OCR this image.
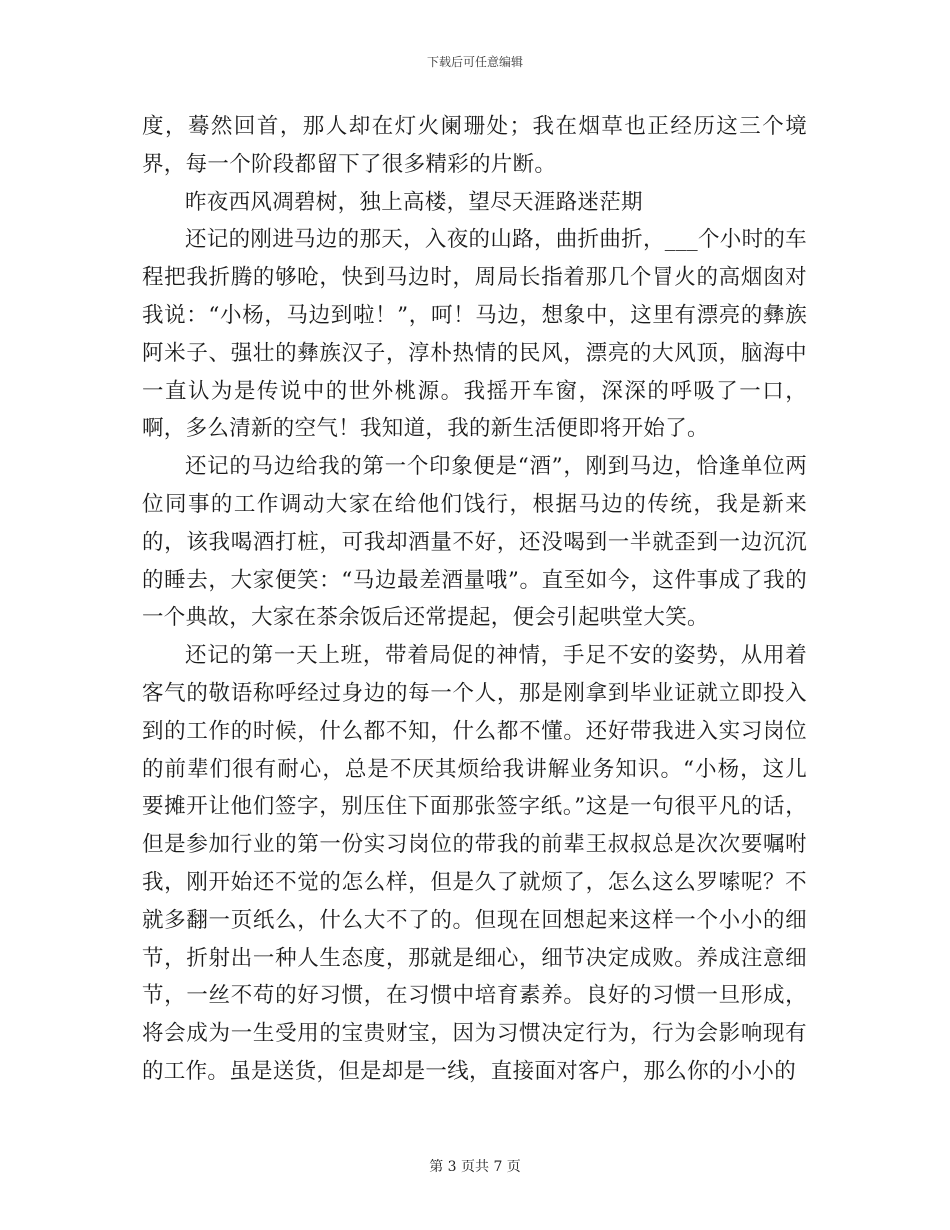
下载后可任意编辑

度，蓦然回首，那人却在灯火阑珊处；我在烟草也正经历这三个境界，每一个阶段都留下了很多精彩的片断。

昨夜西风凋碧树，独上高楼，望尽天涯路迷茫期

还记的刚进马边的那天，入夜的山路，曲折曲折，___个小时的车程把我折腾的够呛，快到马边时，周局长指着那几个冒火的高烟囱对我说：“小杨，马边到啦！”，呵！马边，想象中，这里有漂亮的彝族阿米子、强壮的彝族汉子，淳朴热情的民风，漂亮的大风顶，脑海中一直认为是传说中的世外桃源。我摇开车窗，深深的呼吸了一口，啊，多么清新的空气！我知道，我的新生活便即将开始了。

还记的马边给我的第一个印象便是“酒”，刚到马边，恰逢单位两位同事的工作调动大家在给他们饯行，根据马边的传统，我是新来的，该我喝酒打桩，可我却酒量不好，还没喝到一半就歪到一边沉沉的睡去，大家便笑：“马边最差酒量哦”。直至如今，这件事成了我的一个典故，大家在茶余饭后还常提起，便会引起哄堂大笑。

还记的第一天上班，带着局促的神情，手足不安的姿势，从用着客气的敬语称呼经过身边的每一个人，那是刚拿到毕业证就立即投入到的工作的时候，什么都不知，什么都不懂。还好带我进入实习岗位的前辈们很有耐心，总是不厌其烦给我讲解业务知识。“小杨，这儿要摊开让他们签字，别压住下面那张签字纸。”这是一句很平凡的话，但是参加行业的第一份实习岗位的带我的前辈王叔叔总是次次要嘱咐我，刚开始还不觉的怎么样，但是久了就烦了，怎么这么罗嗦呢？不就多翻一页纸么，什么大不了的。但现在回想起来这样一个小小的细节，折射出一种人生态度，那就是细心，细节决定成败。养成注意细节，一丝不苟的好习惯，在习惯中培育素养。良好的习惯一旦形成，将会成为一生受用的宝贵财宝，因为习惯决定行为，行为会影响现有的工作。虽是送货，但是却是一线，直接面对客户，那么你的小小的

第 3 页共 7 页
